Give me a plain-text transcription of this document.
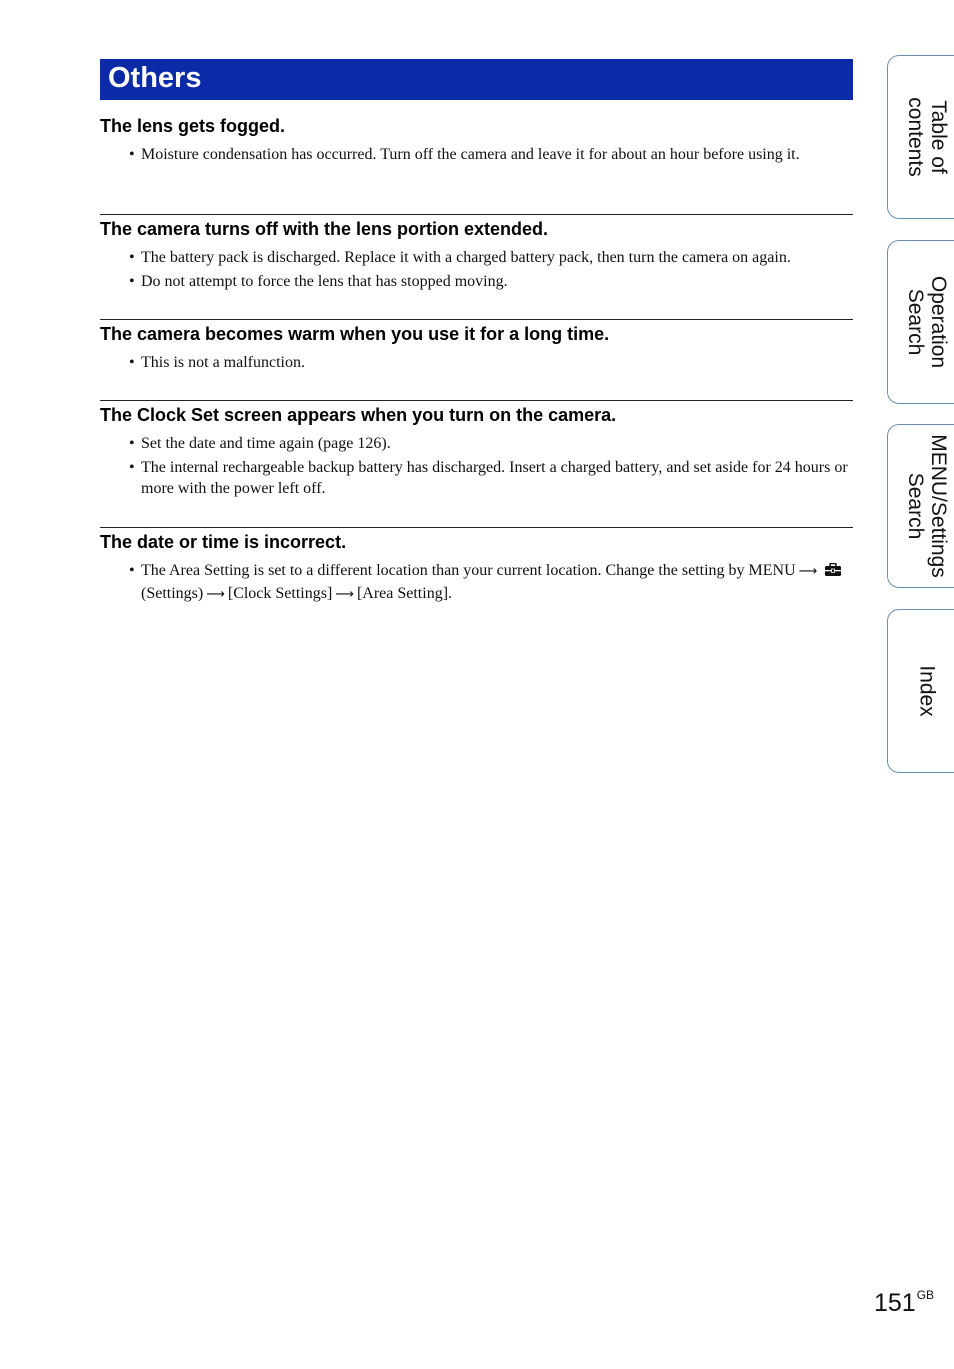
Others
The lens gets fogged.
• Moisture condensation has occurred. Turn off the camera and leave it for about an hour before using it.
The camera turns off with the lens portion extended.
• The battery pack is discharged. Replace it with a charged battery pack, then turn the camera on again.
• Do not attempt to force the lens that has stopped moving.
The camera becomes warm when you use it for a long time.
• This is not a malfunction.
The Clock Set screen appears when you turn on the camera.
• Set the date and time again (page 126).
• The internal rechargeable backup battery has discharged. Insert a charged battery, and set aside for 24 hours or more with the power left off.
The date or time is incorrect.
• The Area Setting is set to a different location than your current location. Change the setting by MENU ⟶(Settings) ⟶ [Clock Settings] ⟶ [Area Setting].
Table of
contents
Operation
Search
MENU/Settings
Search
Index
$151^{GB}$
